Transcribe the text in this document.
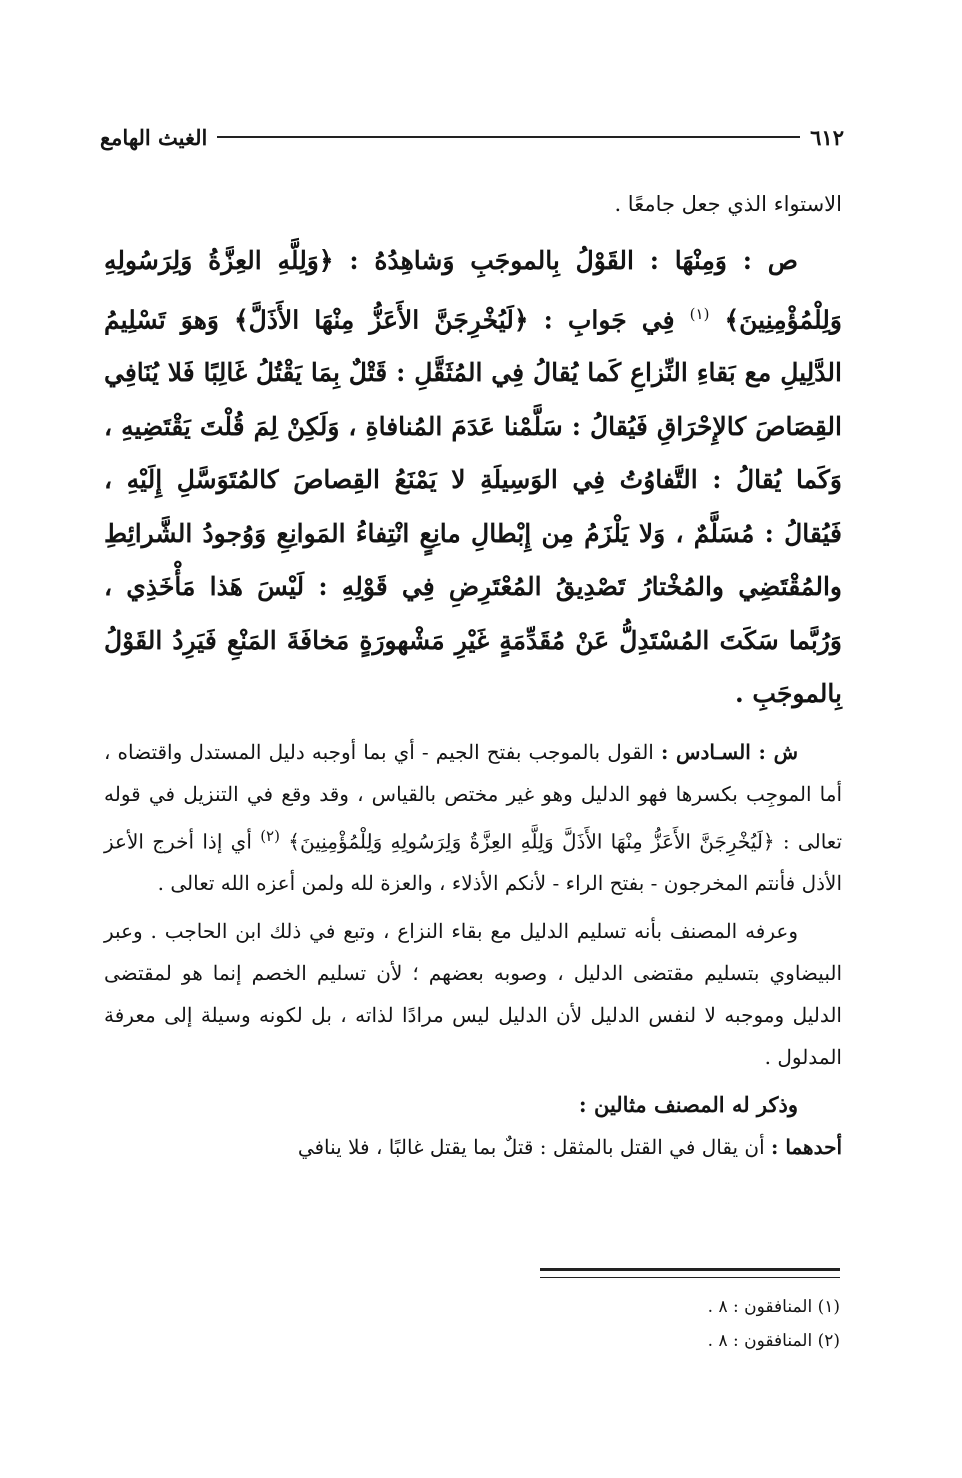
٦١٢
الغيث الهامع

الاستواء الذي جعل جامعًا .

ص : وَمِنْهَا : القَوْلُ بِالموجَبِ وَشاهِدُهُ : ﴿وَلِلَّهِ العِزَّةُ وَلِرَسُولِهِ وَلِلْمُؤْمِنِينَ﴾ $^{(١)}$ فِي جَوابِ : ﴿لَيُخْرِجَنَّ الأَعَزُّ مِنْهَا الأَذَلَّ﴾ وَهوَ تَسْلِيمُ الدَّلِيلِ مع بَقاءِ النِّزاعِ كَما يُقالُ فِي المُثَقَّلِ : قَتْلٌ بِمَا يَقْتُلُ غَالِبًا فَلا يُنَافِي القِصَاصَ كالإِحْرَاقِ فَيُقالُ : سَلَّمْنا عَدَمَ المُنافاةِ ، وَلَكِنْ لِمَ قُلْتَ يَقْتَضِيهِ ، وَكَما يُقالُ : التَّفاوُتُ فِي الوَسِيلَةِ لا يَمْنَعُ القِصاصَ كالمُتَوَسَّلِ إِلَيْهِ ، فَيُقالُ : مُسَلَّمٌ ، وَلا يَلْزَمُ مِن إِبْطالِ مانِعٍ انْتِفاءُ المَوانِعِ وَوُجودُ الشَّرائِطِ والمُقْتَضِي والمُخْتارُ تَصْدِيقُ المُعْتَرِضِ فِي قَوْلِهِ : لَيْسَ هَذا مَأْخَذِي ، وَرُبَّما سَكَتَ المُسْتَدِلُّ عَنْ مُقَدِّمَةٍ غَيْرِ مَشْهورَةٍ مَخافَةَ المَنْعِ فَيَرِدُ القَوْلُ بِالموجَبِ .

ش : السـادس : القول بالموجب بفتح الجيم - أي بما أوجبه دليل المستدل واقتضاه ، أما الموجِب بكسرها فهو الدليل وهو غير مختص بالقياس ، وقد وقع في التنزيل في قوله تعالى : ﴿لَيُخْرِجَنَّ الأَعَزُّ مِنْهَا الأَذَلَّ وَلِلَّهِ العِزَّةُ وَلِرَسُولِهِ وَلِلْمُؤْمِنِينَ﴾ $^{(٢)}$ أي إذا أخرج الأعز الأذل فأنتم المخرجون - بفتح الراء - لأنكم الأذلاء ، والعزة لله ولمن أعزه الله تعالى .

وعرفه المصنف بأنه تسليم الدليل مع بقاء النزاع ، وتبع في ذلك ابن الحاجب . وعبر البيضاوي بتسليم مقتضى الدليل ، وصوبه بعضهم ؛ لأن تسليم الخصم إنما هو لمقتضى الدليل وموجبه لا لنفس الدليل لأن الدليل ليس مرادًا لذاته ، بل لكونه وسيلة إلى معرفة المدلول .

وذكر له المصنف مثالين :

أحدهما : أن يقال في القتل بالمثقل : قتلٌ بما يقتل غالبًا ، فلا ينافي

(١) المنافقون : ٨ .

(٢) المنافقون : ٨ .
